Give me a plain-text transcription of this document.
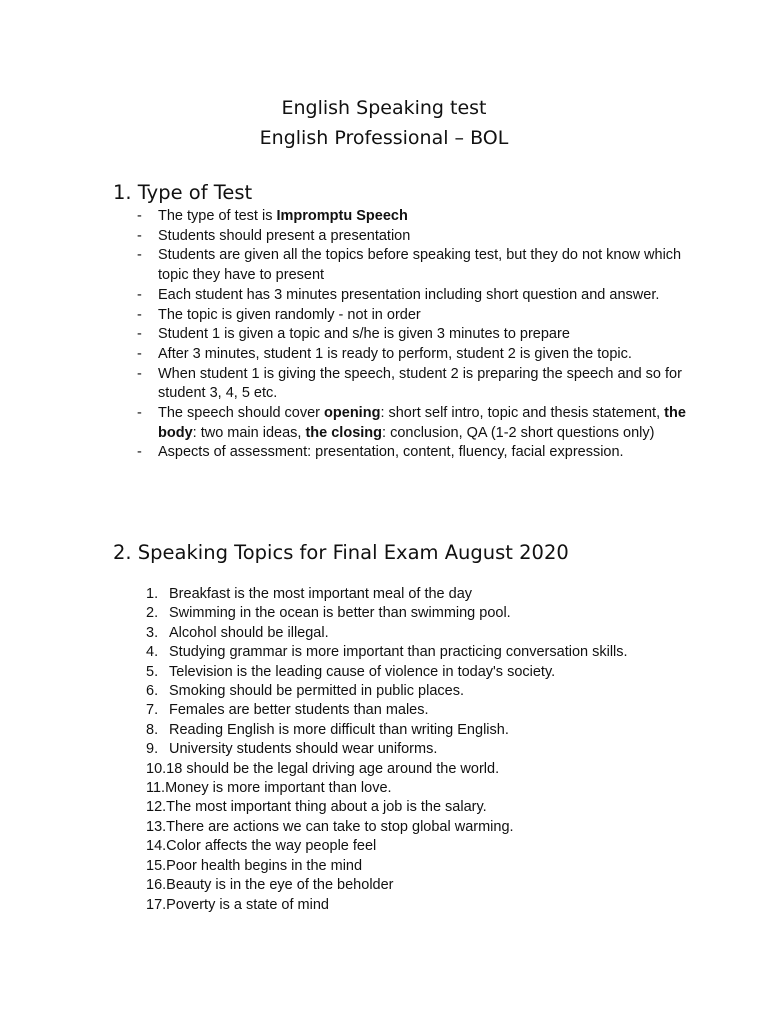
English Speaking test
English Professional – BOL
1. Type of Test
- The type of test is Impromptu Speech
- Students should present a presentation
- Students are given all the topics before speaking test, but they do not know which topic they have to present
- Each student has 3 minutes presentation including short question and answer.
- The topic is given randomly - not in order
- Student 1 is given a topic and s/he is given 3 minutes to prepare
- After 3 minutes, student 1 is ready to perform, student 2 is given the topic.
- When student 1 is giving the speech, student 2 is preparing the speech and so for student 3, 4, 5 etc.
- The speech should cover opening: short self intro, topic and thesis statement, the body: two main ideas, the closing: conclusion, QA (1-2 short questions only)
- Aspects of assessment: presentation, content, fluency, facial expression.
2. Speaking Topics for Final Exam August 2020
1. Breakfast is the most important meal of the day
2. Swimming in the ocean is better than swimming pool.
3. Alcohol should be illegal.
4. Studying grammar is more important than practicing conversation skills.
5. Television is the leading cause of violence in today's society.
6. Smoking should be permitted in public places.
7. Females are better students than males.
8. Reading English is more difficult than writing English.
9. University students should wear uniforms.
10.18 should be the legal driving age around the world.
11.Money is more important than love.
12.The most important thing about a job is the salary.
13.There are actions we can take to stop global warming.
14.Color affects the way people feel
15.Poor health begins in the mind
16.Beauty is in the eye of the beholder
17.Poverty is a state of mind
